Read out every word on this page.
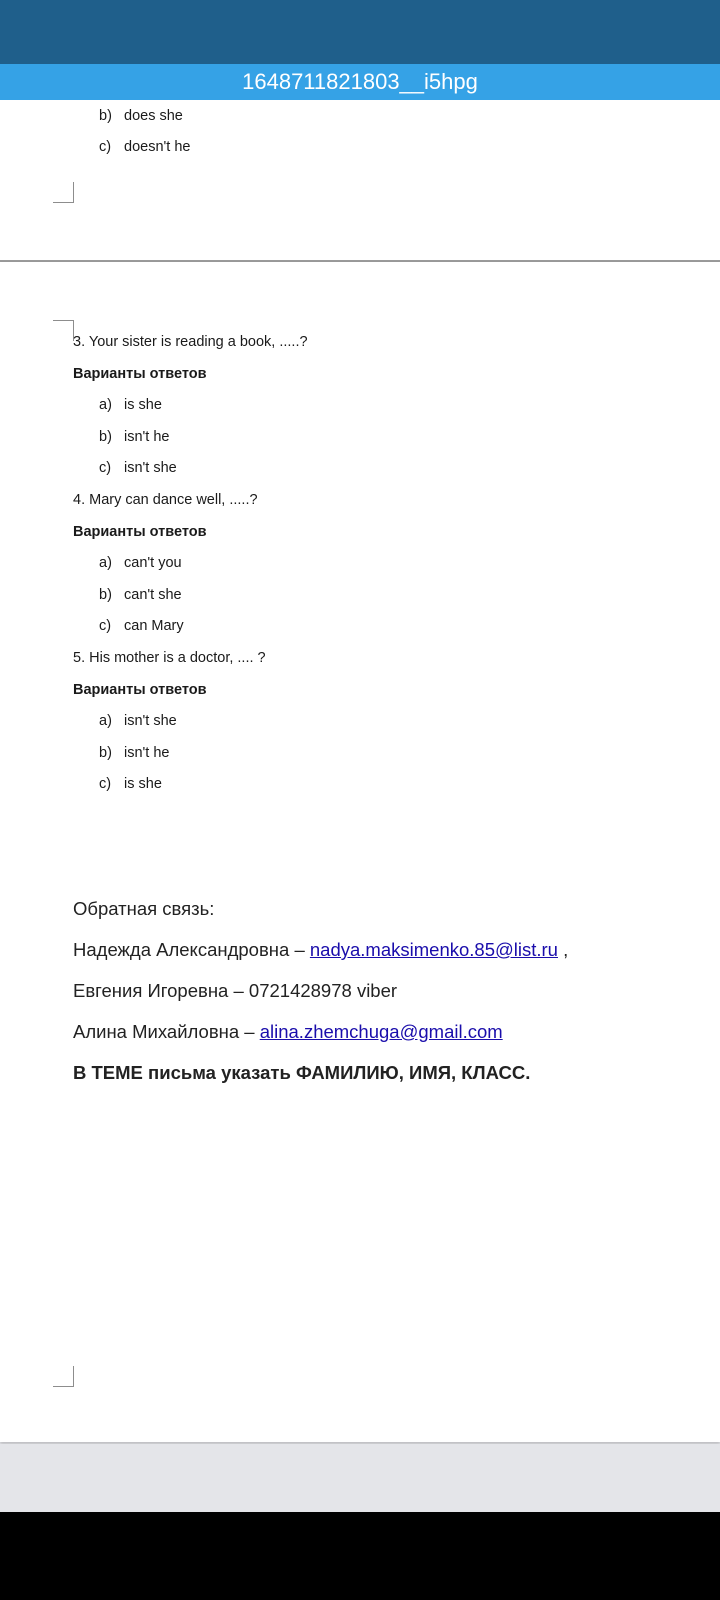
1648711821803__i5hpg
b) does she
c) doesn't he
3. Your sister is reading a book, .....?
Варианты ответов
a) is she
b) isn't he
c) isn't she
4. Mary can dance well, .....?
Варианты ответов
a) can't you
b) can't she
c) can Mary
5. His mother is a doctor, .... ?
Варианты ответов
a) isn't she
b) isn't he
c) is she
Обратная связь:
Надежда Александровна – nadya.maksimenko.85@list.ru ,
Евгения Игоревна – 0721428978 viber
Алина Михайловна – alina.zhemchuga@gmail.com
В ТЕМЕ письма указать ФАМИЛИЮ, ИМЯ, КЛАСС.
